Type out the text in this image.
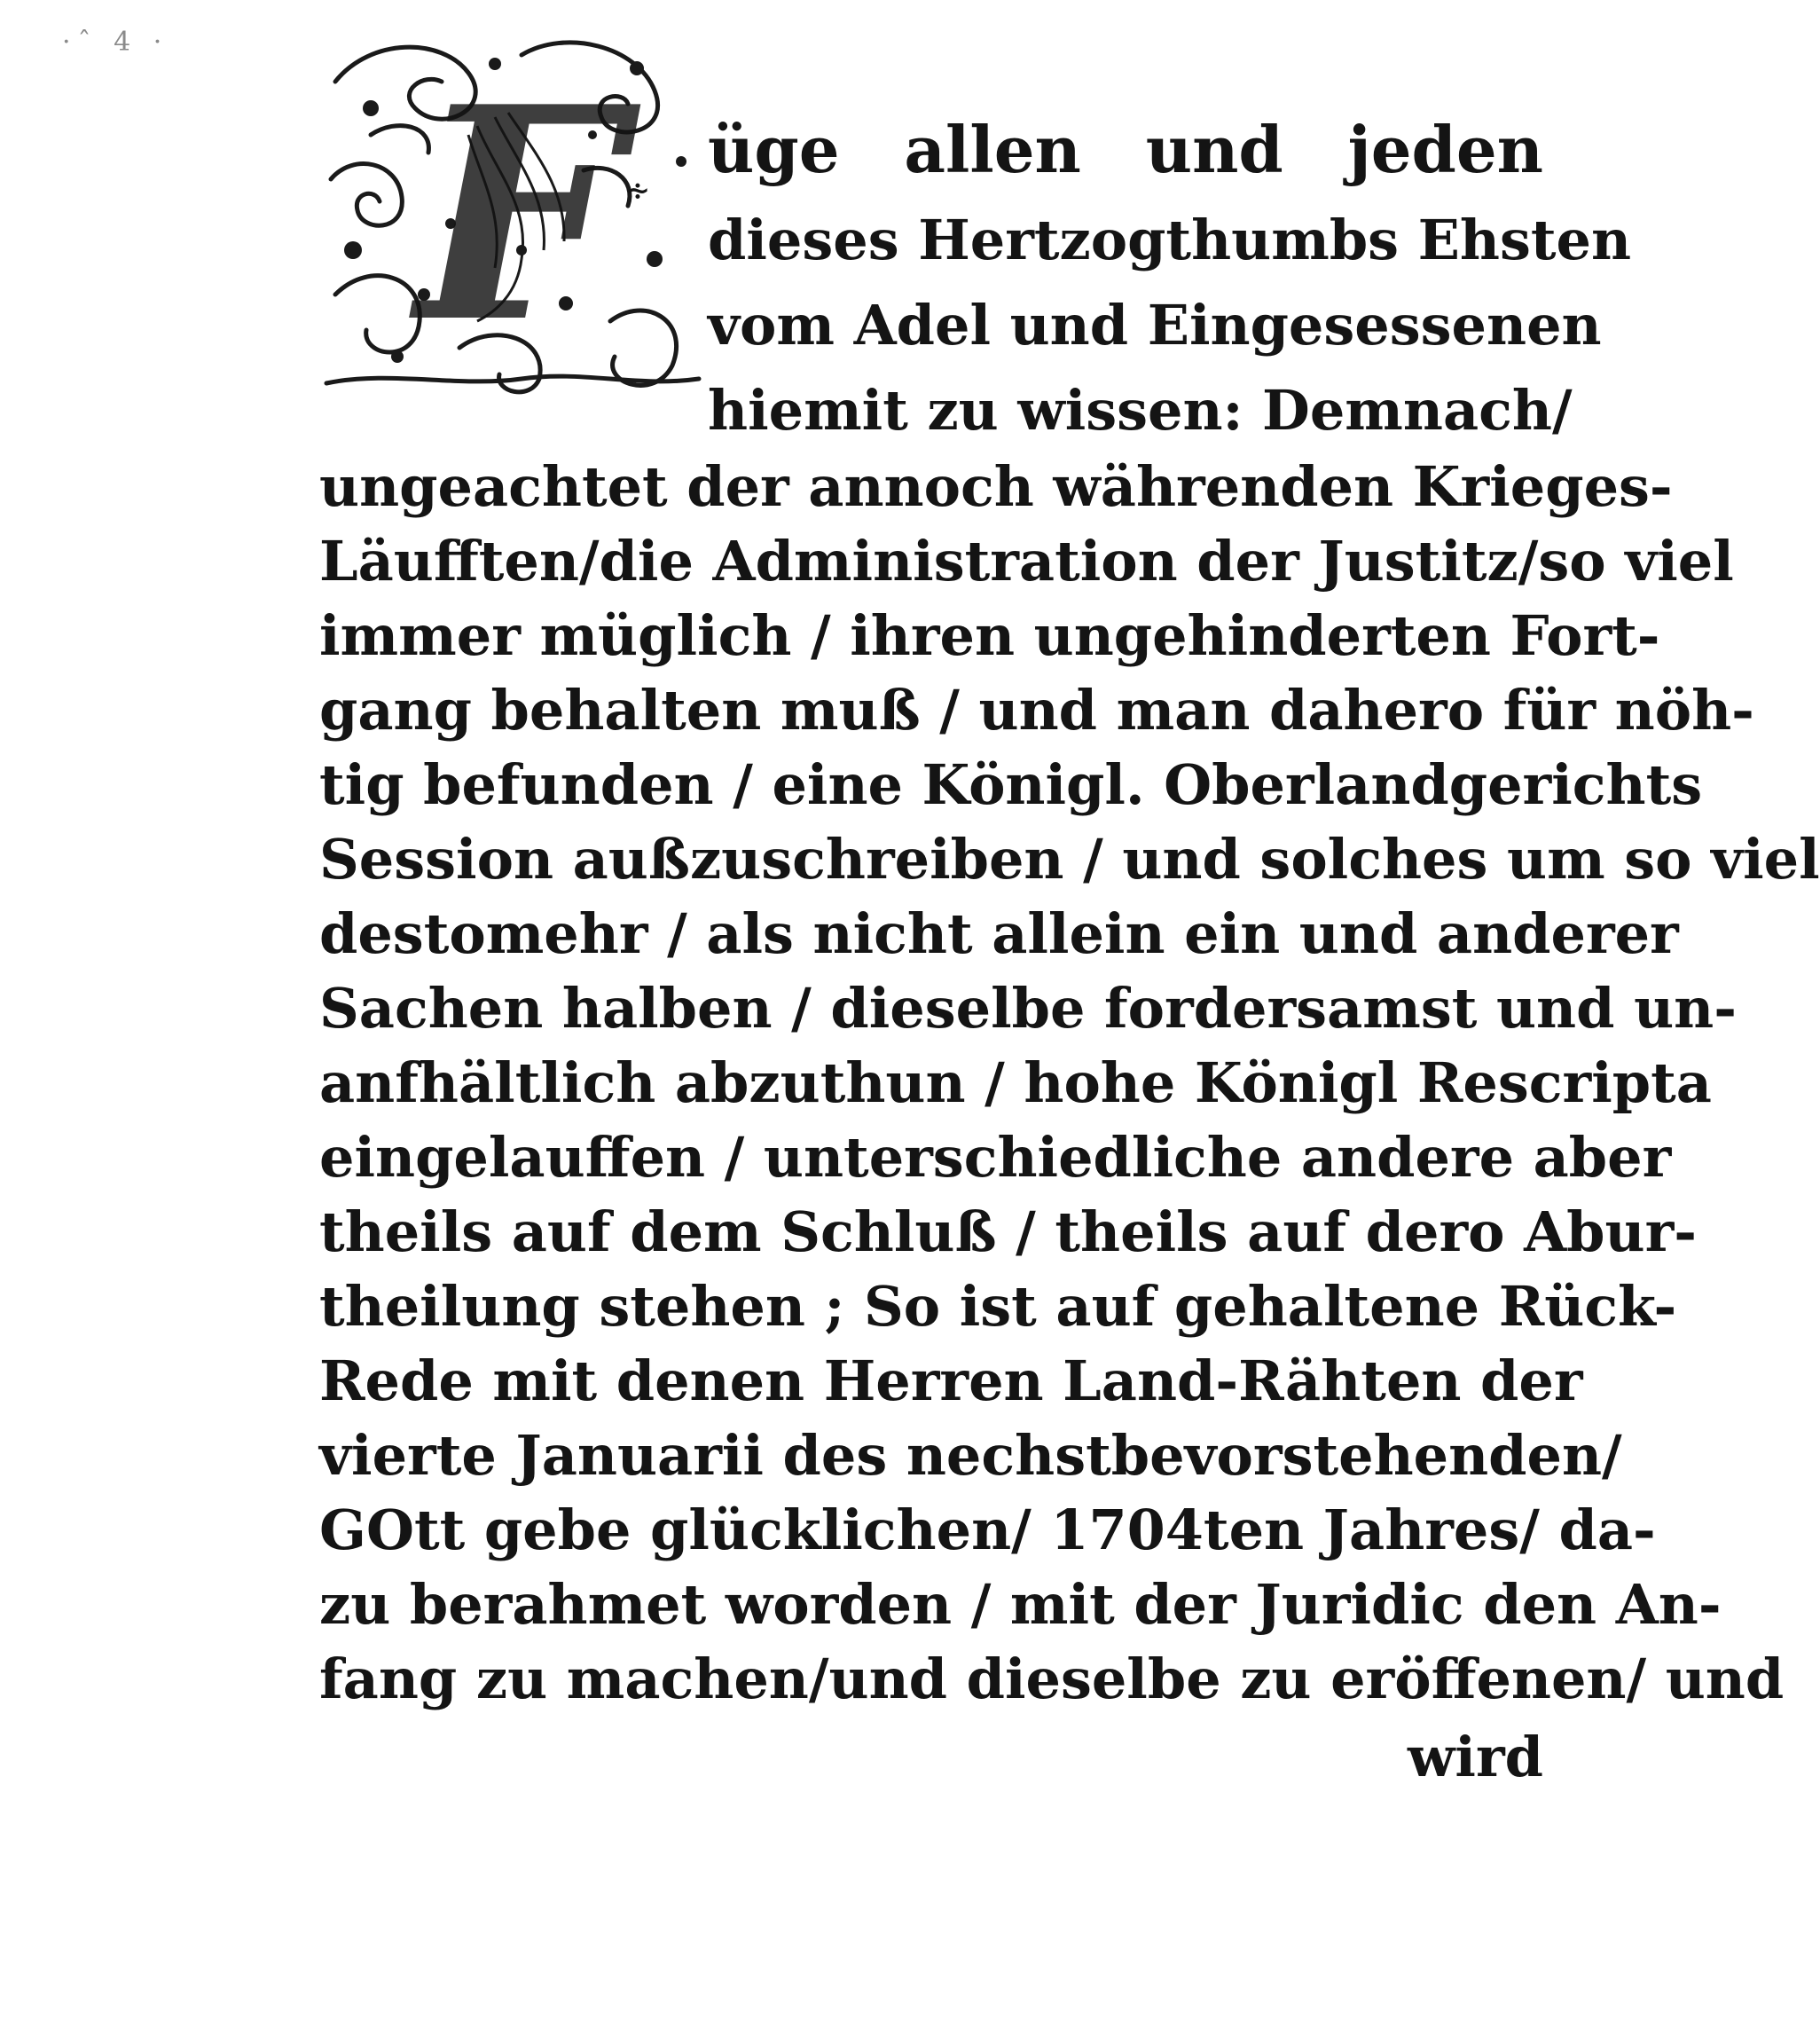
·ˆ 4 ·
F ∻
üge allen und jeden
dieses Hertzogthumbs Ehsten
vom Adel und Eingesessenen
hiemit zu wissen: Demnach/
ungeachtet der annoch währenden Krieges-
Läufften/die Administration der Justitz/so viel
immer müglich / ihren ungehinderten Fort-
gang behalten muß / und man dahero für nöh-
tig befunden / eine Königl. Oberlandgerichts
Session außzuschreiben / und solches um so viel
destomehr / als nicht allein ein und anderer
Sachen halben / dieselbe fordersamst und un-
anfhältlich abzuthun / hohe Königl Rescripta
eingelauffen / unterschiedliche andere aber
theils auf dem Schluß / theils auf dero Abur-
theilung stehen ; So ist auf gehaltene Rück-
Rede mit denen Herren Land-Rähten der
vierte Januarii des nechstbevorstehenden/
GOtt gebe glücklichen/ 1704ten Jahres/ da-
zu berahmet worden / mit der Juridic den An-
fang zu machen/und dieselbe zu eröffenen/ und
wird
